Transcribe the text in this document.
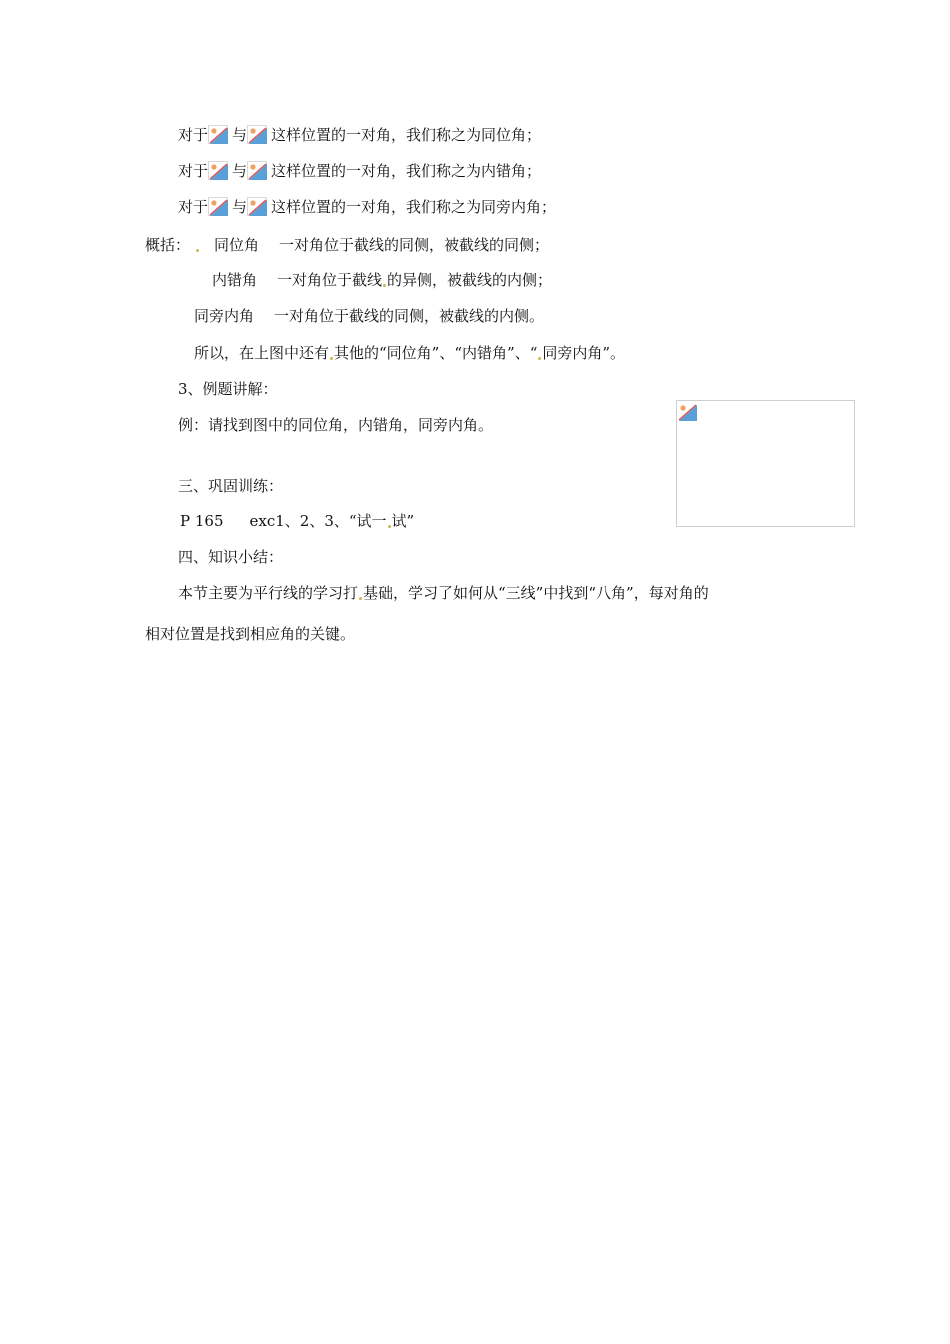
对于 与 这样位置的一对角，我们称之为同位角；
对于 与 这样位置的一对角，我们称之为内错角；
对于 与 这样位置的一对角，我们称之为同旁内角；
概括： 同位角 一对角位于截线的同侧，被截线的同侧；
内错角 一对角位于截线 的异侧，被截线的内侧；
同旁内角 一对角位于截线的同侧，被截线的内侧。
所以，在上图中还有 其他的“同位角”、“内错角”、“ 同旁内角”。
3、例题讲解：
例：请找到图中的同位角，内错角，同旁内角。
三、巩固训练：
P 165 exc1、2、3、“试一 试”
四、知识小结：
本节主要为平行线的学习打 基础，学习了如何从“三线”中找到“八角”，每对角的
相对位置是找到相应角的关键。
